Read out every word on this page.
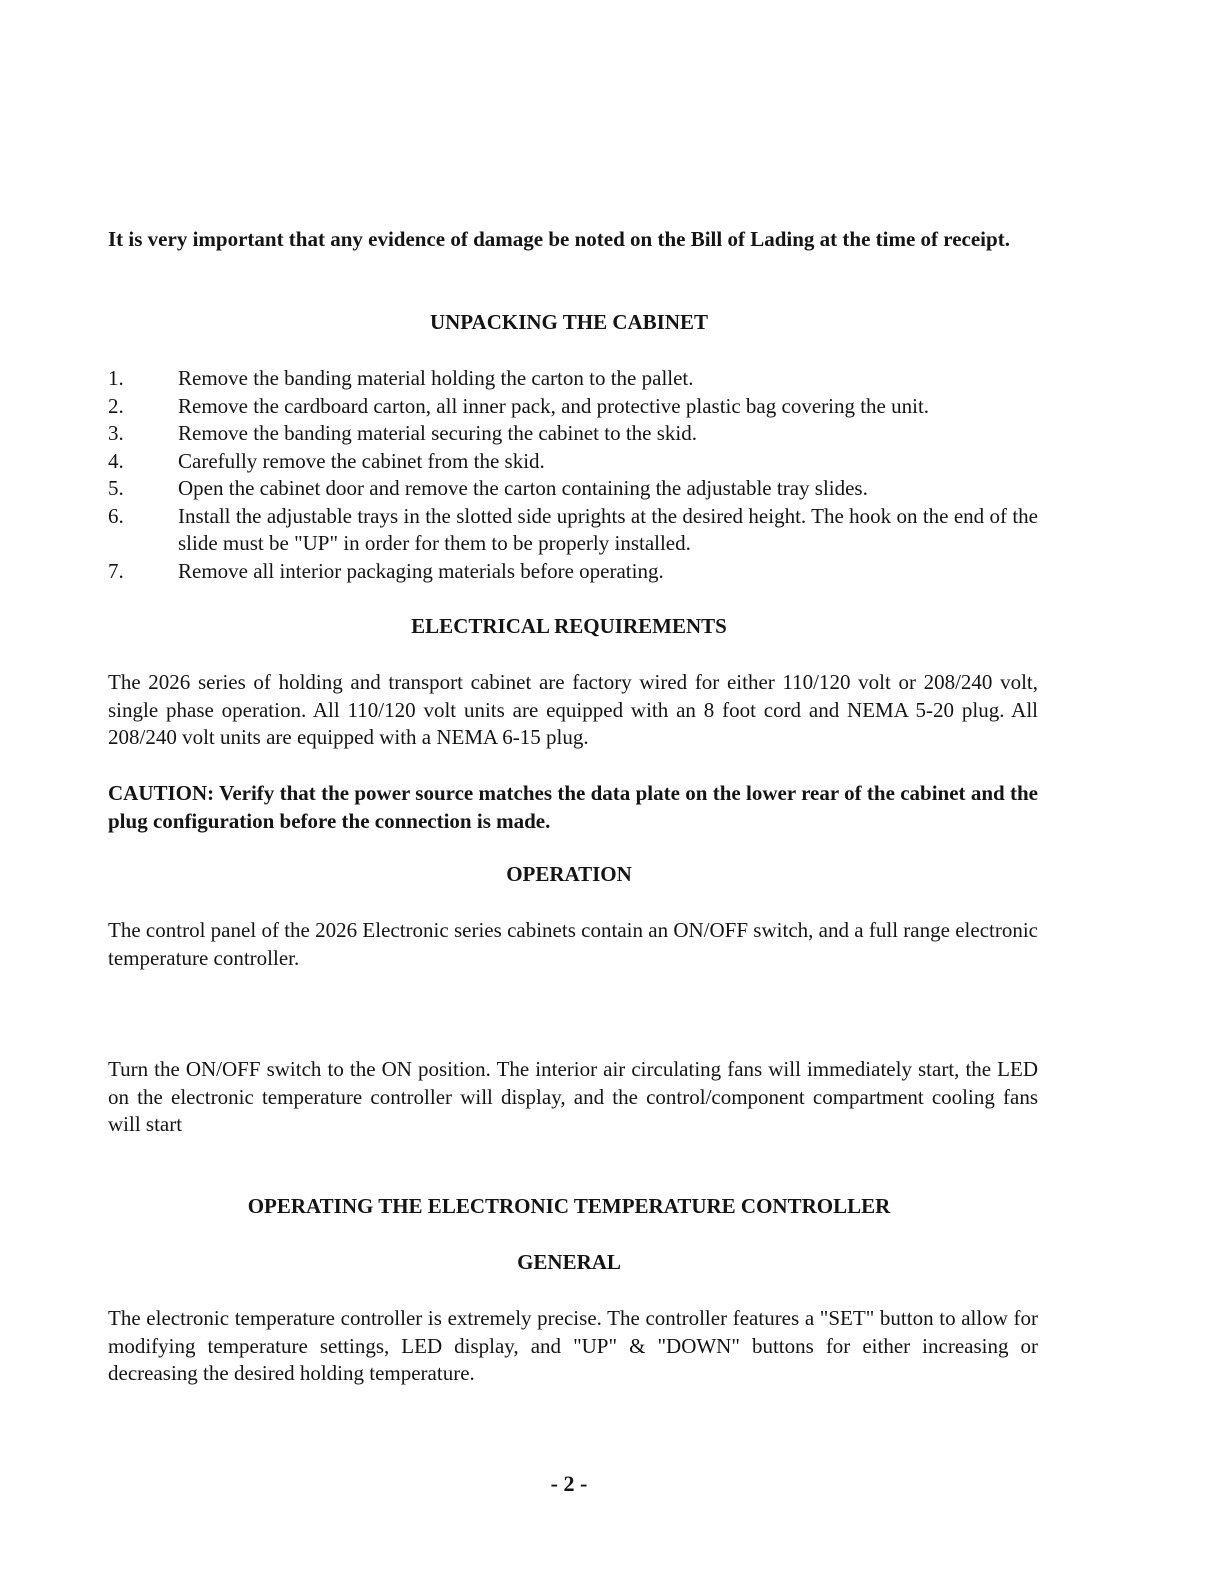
It is very important that any evidence of damage be noted on the Bill of Lading at the time of receipt.

UNPACKING THE CABINET
1.	Remove the banding material holding the carton to the pallet.
2.	Remove the cardboard carton, all inner pack, and protective plastic bag covering the unit.
3.	Remove the banding material securing the cabinet to the skid.
4.	Carefully remove the cabinet from the skid.
5.	Open the cabinet door and remove the carton containing the adjustable tray slides.
6.	Install the adjustable trays in the slotted side uprights at the desired height. The hook on the end of the slide must be "UP" in order for them to be properly installed.
7.	Remove all interior packaging materials before operating.
ELECTRICAL REQUIREMENTS

The 2026 series of holding and transport cabinet are factory wired for either 110/120 volt or 208/240 volt, single phase operation. All 110/120 volt units are equipped with an 8 foot cord and NEMA 5-20 plug. All 208/240 volt units are equipped with a NEMA 6-15 plug.

CAUTION: Verify that the power source matches the data plate on the lower rear of the cabinet and the plug configuration before the connection is made.

OPERATION

The control panel of the 2026 Electronic series cabinets contain an ON/OFF switch, and a full range electronic temperature controller.

Turn the ON/OFF switch to the ON position. The interior air circulating fans will immediately start, the LED on the electronic temperature controller will display, and the control/component compartment cooling fans will start

OPERATING THE ELECTRONIC TEMPERATURE CONTROLLER
GENERAL

The electronic temperature controller is extremely precise. The controller features a "SET" button to allow for modifying temperature settings, LED display, and "UP" & "DOWN" buttons for either increasing or decreasing the desired holding temperature.

- 2 -
